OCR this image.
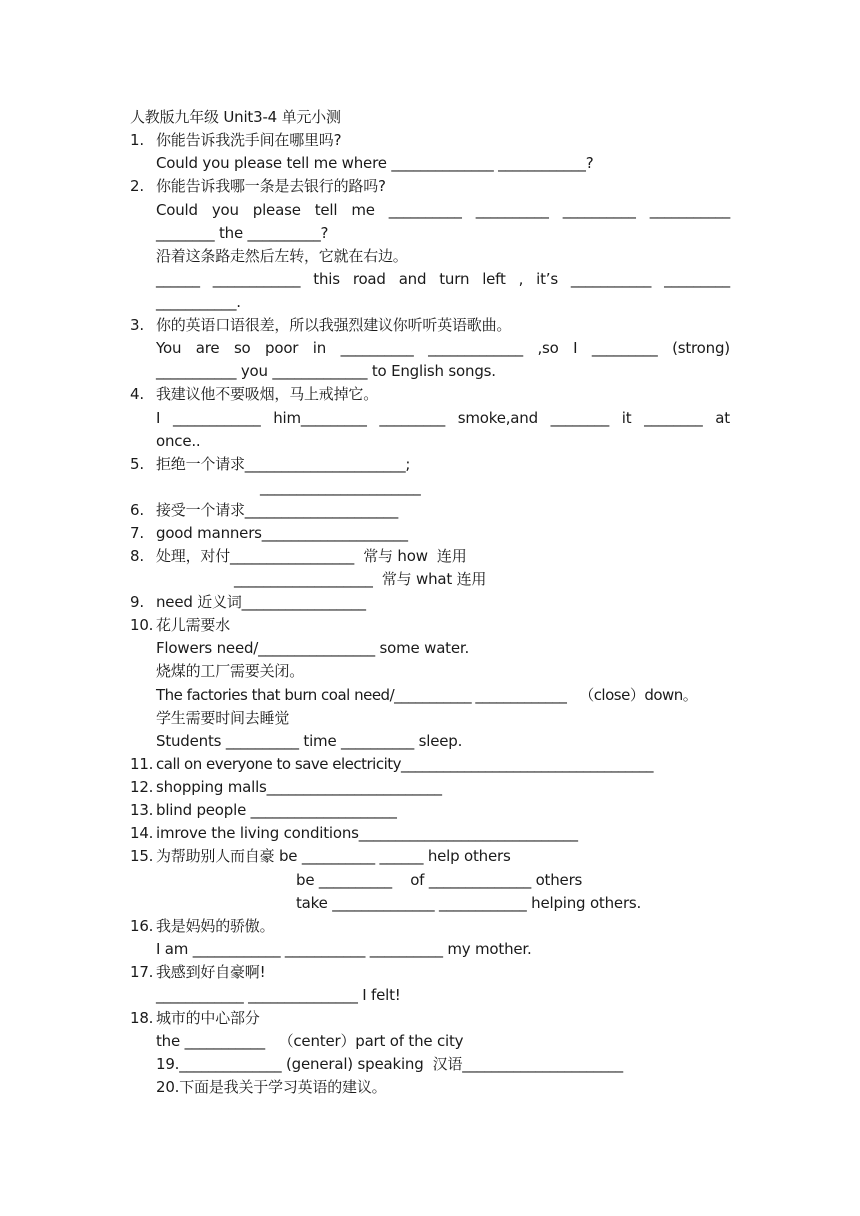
人教版九年级 Unit3-4 单元小测
1. 你能告诉我洗手间在哪里吗?
Could you please tell me where ______________ ____________?
2. 你能告诉我哪一条是去银行的路吗?
Could you please tell me __________ __________ __________ ___________
________ the __________?
沿着这条路走然后左转，它就在右边。
______ ____________ this road and turn left , it’s ___________ _________
___________.
3. 你的英语口语很差，所以我强烈建议你听听英语歌曲。
You are so poor in __________ _____________ ,so I _________ (strong)
___________ you _____________ to English songs.
4. 我建议他不要吸烟，马上戒掉它。
I ____________ him_________ _________ smoke,and ________ it ________ at
once..
5. 拒绝一个请求______________________;
______________________
6. 接受一个请求_____________________
7. good manners____________________
8. 处理，对付_________________  常与 how  连用
___________________  常与 what 连用
9. need 近义词_________________
10. 花儿需要水
Flowers need/________________ some water.
烧煤的工厂需要关闭。
The factories that burn coal need/___________ _____________   （close）down。
学生需要时间去睡觉
Students __________ time __________ sleep.
11. call on everyone to save electricity____________________________________
12. shopping malls________________________
13. blind people ____________________
14. imrove the living conditions______________________________
15. 为帮助别人而自豪 be __________ ______ help others
be __________    of ______________ others
take ______________ ____________ helping others.
16. 我是妈妈的骄傲。
I am ____________ ___________ __________ my mother.
17. 我感到好自豪啊!
____________ _______________ I felt!
18. 城市的中心部分
the ___________   （center）part of the city
19.______________ (general) speaking  汉语______________________
20.下面是我关于学习英语的建议。
